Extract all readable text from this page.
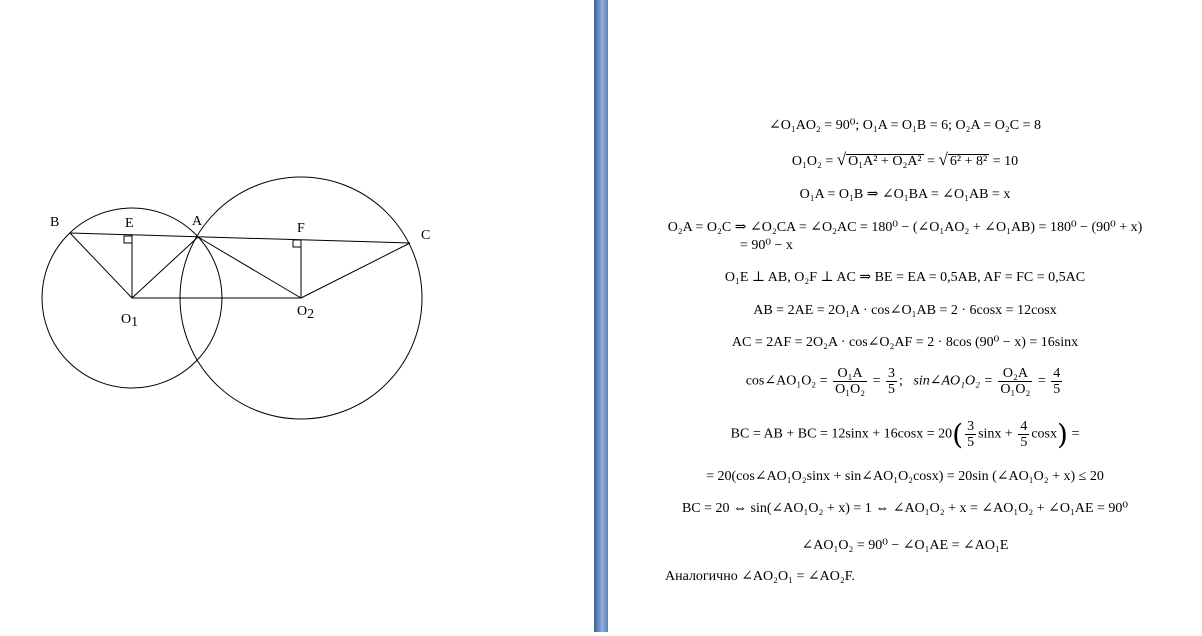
B	E	A	F	C
O1
O2
∠O₁AO₂ = 90⁰; O₁A = O₁B = 6; O₂A = O₂C = 8
O₁O₂ = √ O₁A² + O₂A² = √ 6² + 8² = 10
O₁A = O₁B ⇒ ∠O₁BA = ∠O₁AB = x
O₂A = O₂C ⇒ ∠O₂CA = ∠O₂AC = 180⁰ − (∠O₁AO₂ + ∠O₁AB) = 180⁰ − (90⁰ + x)
= 90⁰ − x
O₁E ⊥ AB, O₂F ⊥ AC ⇒ BE = EA = 0,5AB, AF = FC = 0,5AC
AB = 2AE = 2O₁A · cos∠O₁AB = 2 · 6cosx = 12cosx
AC = 2AF = 2O₂A · cos∠O₂AF = 2 · 8cos (90⁰ − x) = 16sinx
cos∠AO₁O₂ = $\frac{\text{O₁A}}{\text{O₁O₂}} = \frac{3}{5}$ ;   sin∠AO₁O₂ = $\frac{\text{O₂A}}{\text{O₁O₂}} = \frac{4}{5}$
BC = AB + BC = $12\sin x + 16\cos x = 20( \frac{3}{5}$ $\sin x + \frac{4}{5} \cos x$) =
= 20(cos∠AO₁O₂sinx + sin∠AO₁O₂cosx) = 20sin (∠AO₁O₂ + x) ≤ 20
BC = 20 ⇔ sin(∠AO₁O₂ + x) = 1 ⇔ ∠AO₁O₂ + x = ∠AO₁O₂ + ∠O₁AE = 90⁰
∠AO₁O₂ = 90⁰ − ∠O₁AE = ∠AO₁E
Аналогично ∠AO₂O₁ = ∠AO₂F.
